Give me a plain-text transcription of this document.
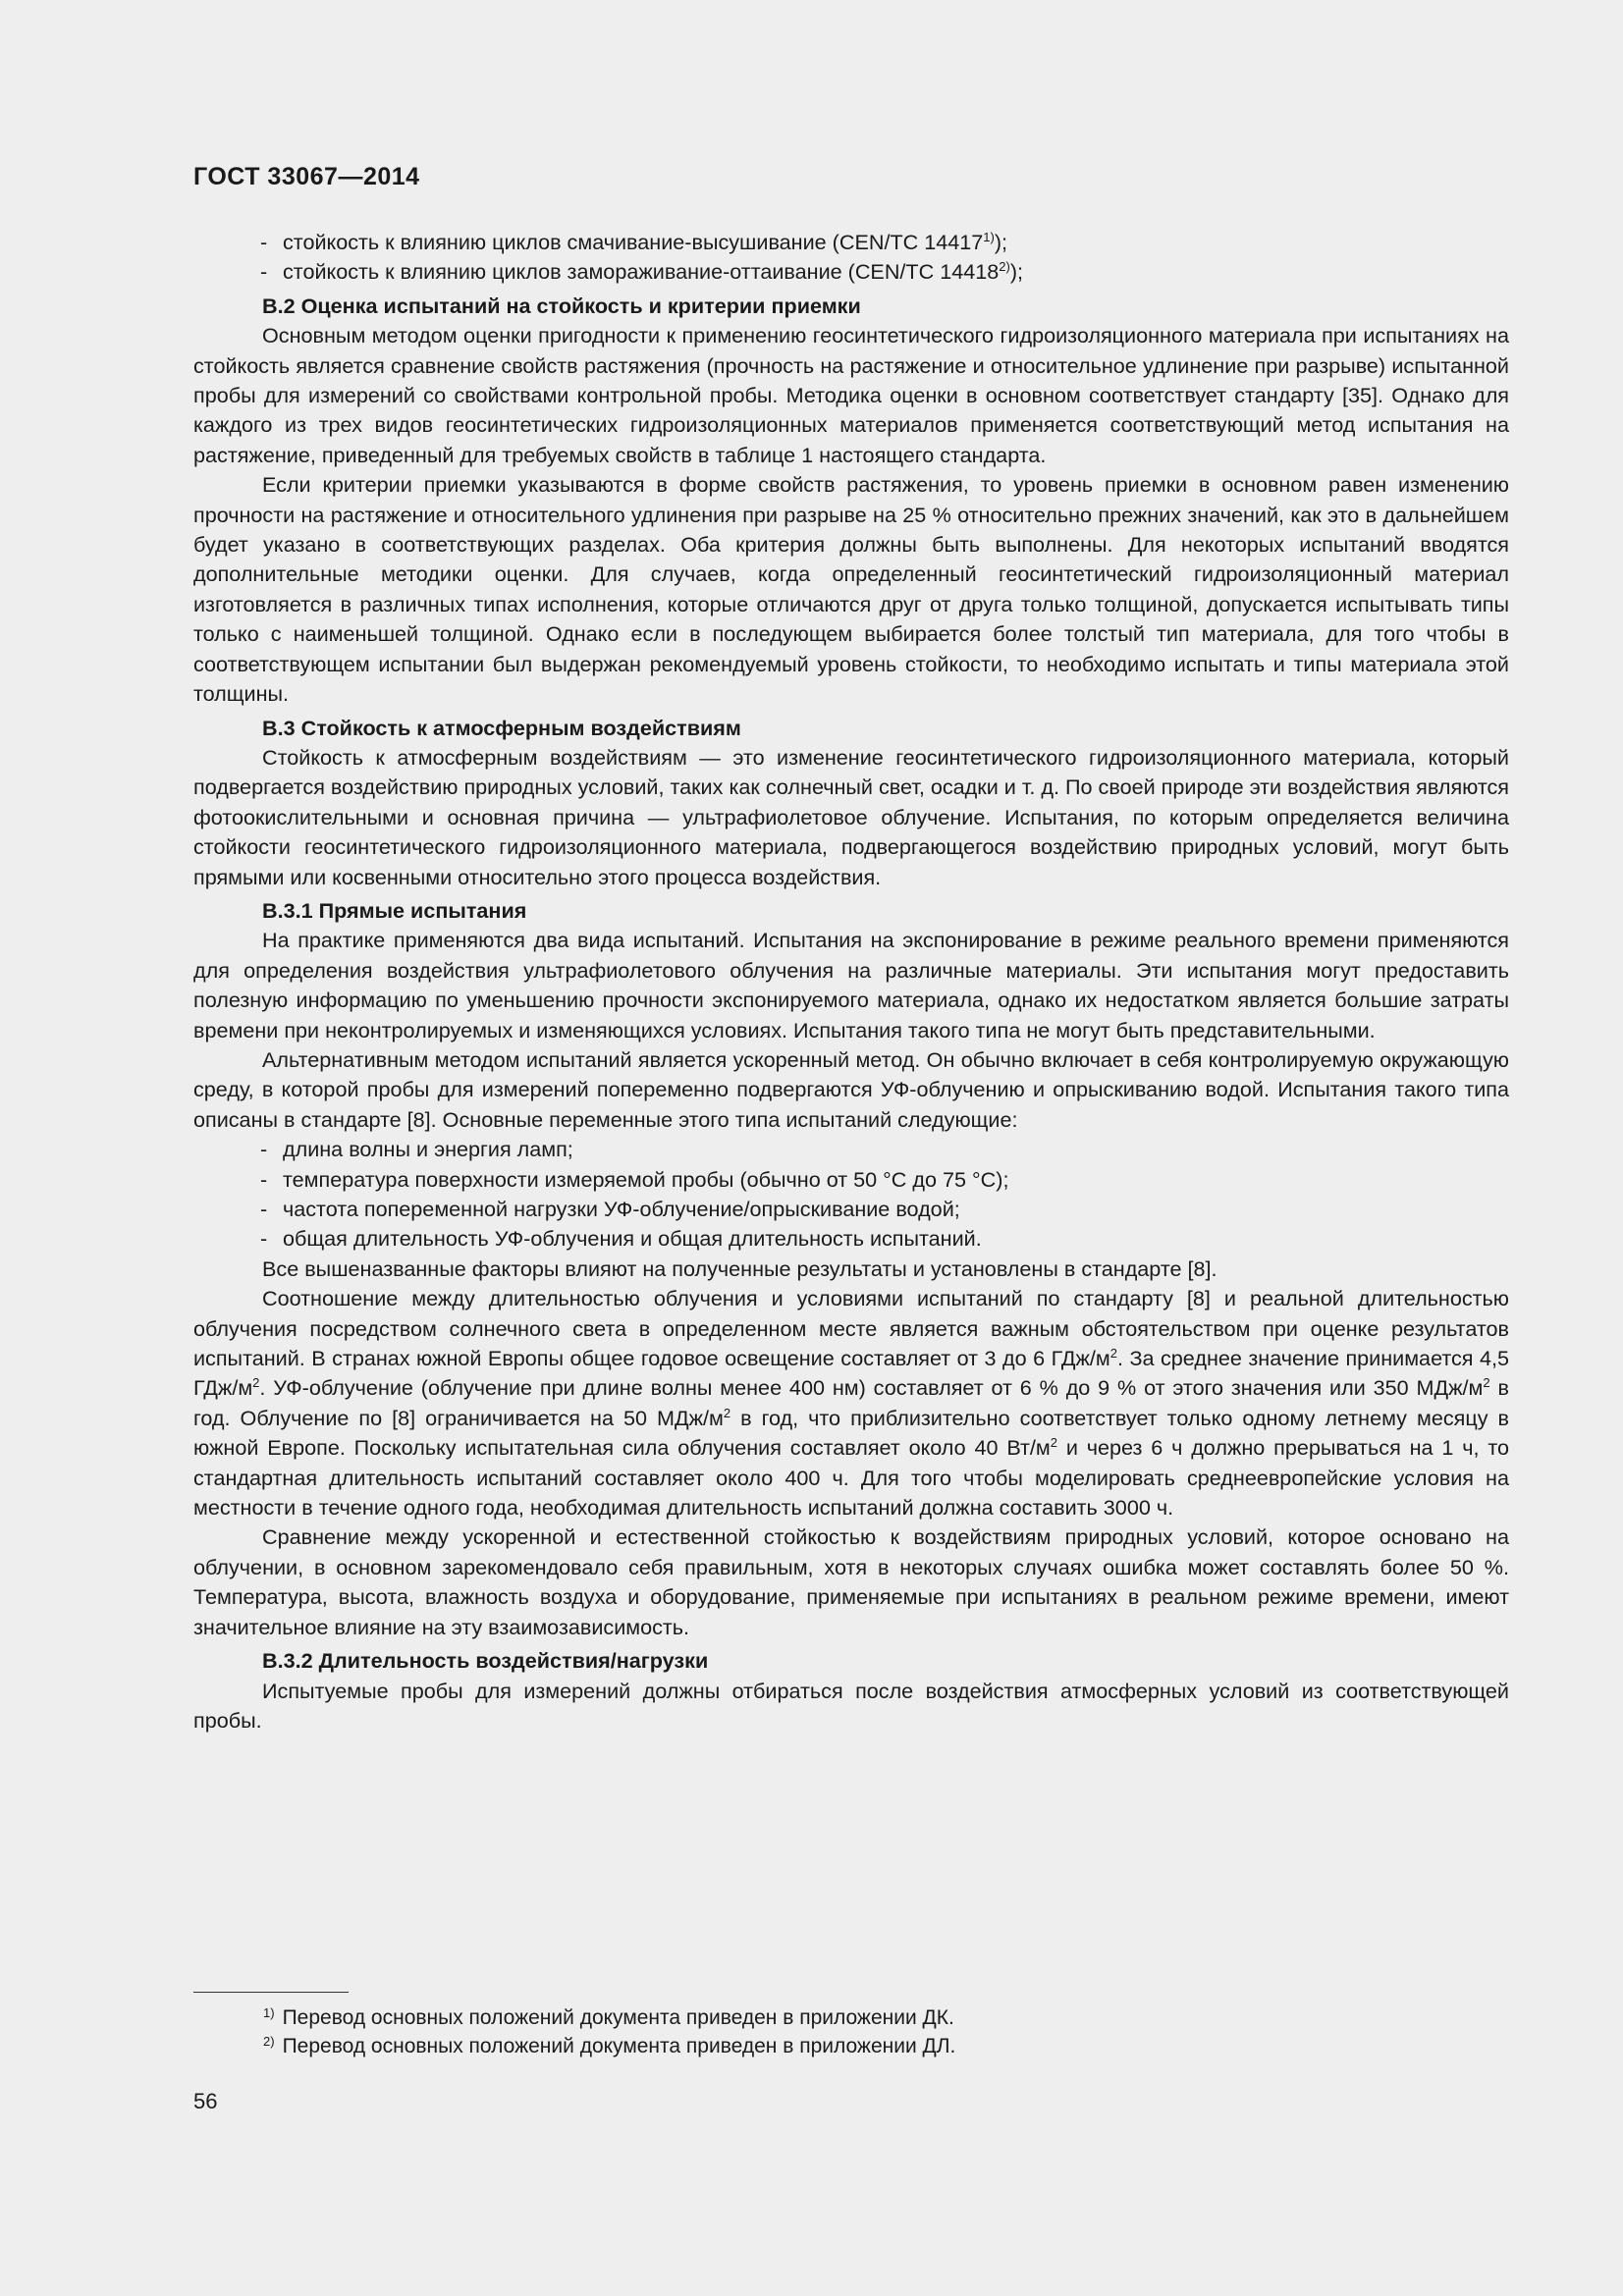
ГОСТ 33067—2014
- стойкость к влиянию циклов смачивание-высушивание (CEN/TC 14417$^{1)}$);
- стойкость к влиянию циклов замораживание-оттаивание (CEN/TC 14418$^{2)}$);
В.2 Оценка испытаний на стойкость и критерии приемки

Основным методом оценки пригодности к применению геосинтетического гидроизоляционного материала при испытаниях на стойкость является сравнение свойств растяжения (прочность на растяжение и относительное удлинение при разрыве) испытанной пробы для измерений со свойствами контрольной пробы. Методика оценки в основном соответствует стандарту [35]. Однако для каждого из трех видов геосинтетических гидроизоляционных материалов применяется соответствующий метод испытания на растяжение, приведенный для требуемых свойств в таблице 1 настоящего стандарта.

Если критерии приемки указываются в форме свойств растяжения, то уровень приемки в основном равен изменению прочности на растяжение и относительного удлинения при разрыве на 25 % относительно прежних значений, как это в дальнейшем будет указано в соответствующих разделах. Оба критерия должны быть выполнены. Для некоторых испытаний вводятся дополнительные методики оценки. Для случаев, когда определенный геосинтетический гидроизоляционный материал изготовляется в различных типах исполнения, которые отличаются друг от друга только толщиной, допускается испытывать типы только с наименьшей толщиной. Однако если в последующем выбирается более толстый тип материала, для того чтобы в соответствующем испытании был выдержан рекомендуемый уровень стойкости, то необходимо испытать и типы материала этой толщины.

В.3 Стойкость к атмосферным воздействиям

Стойкость к атмосферным воздействиям — это изменение геосинтетического гидроизоляционного материала, который подвергается воздействию природных условий, таких как солнечный свет, осадки и т. д. По своей природе эти воздействия являются фотоокислительными и основная причина — ультрафиолетовое облучение. Испытания, по которым определяется величина стойкости геосинтетического гидроизоляционного материала, подвергающегося воздействию природных условий, могут быть прямыми или косвенными относительно этого процесса воздействия.

В.3.1 Прямые испытания

На практике применяются два вида испытаний. Испытания на экспонирование в режиме реального времени применяются для определения воздействия ультрафиолетового облучения на различные материалы. Эти испытания могут предоставить полезную информацию по уменьшению прочности экспонируемого материала, однако их недостатком является большие затраты времени при неконтролируемых и изменяющихся условиях. Испытания такого типа не могут быть представительными.

Альтернативным методом испытаний является ускоренный метод. Он обычно включает в себя контролируемую окружающую среду, в которой пробы для измерений попеременно подвергаются УФ-облучению и опрыскиванию водой. Испытания такого типа описаны в стандарте [8]. Основные переменные этого типа испытаний следующие:

- длина волны и энергия ламп;
- температура поверхности измеряемой пробы (обычно от 50 °С до 75 °С);
- частота попеременной нагрузки УФ-облучение/опрыскивание водой;
- общая длительность УФ-облучения и общая длительность испытаний.

Все вышеназванные факторы влияют на полученные результаты и установлены в стандарте [8].

Соотношение между длительностью облучения и условиями испытаний по стандарту [8] и реальной длительностью облучения посредством солнечного света в определенном месте является важным обстоятельством при оценке результатов испытаний. В странах южной Европы общее годовое освещение составляет от 3 до 6 ГДж/$м^2$. За среднее значение принимается 4,5 ГДж/$м^2$. УФ-облучение (облучение при длине волны менее 400 нм) составляет от 6 % до 9 % от этого значения или 350 МДж/$м^2$ в год. Облучение по [8] ограничивается на 50 МДж/$м^2$ в год, что приблизительно соответствует только одному летнему месяцу в южной Европе. Поскольку испытательная сила облучения составляет около 40 $Вт/м^2$ и через 6 ч должно прерываться на 1 ч, то стандартная длительность испытаний составляет около 400 ч. Для того чтобы моделировать среднеевропейские условия на местности в течение одного года, необходимая длительность испытаний должна составить 3000 ч.

Сравнение между ускоренной и естественной стойкостью к воздействиям природных условий, которое основано на облучении, в основном зарекомендовало себя правильным, хотя в некоторых случаях ошибка может составлять более 50 %. Температура, высота, влажность воздуха и оборудование, применяемые при испытаниях в реальном режиме времени, имеют значительное влияние на эту взаимозависимость.

В.3.2 Длительность воздействия/нагрузки

Испытуемые пробы для измерений должны отбираться после воздействия атмосферных условий из соответствующей пробы.

$^{1)}$ Перевод основных положений документа приведен в приложении ДК.
$^{2)}$ Перевод основных положений документа приведен в приложении ДЛ.
56
